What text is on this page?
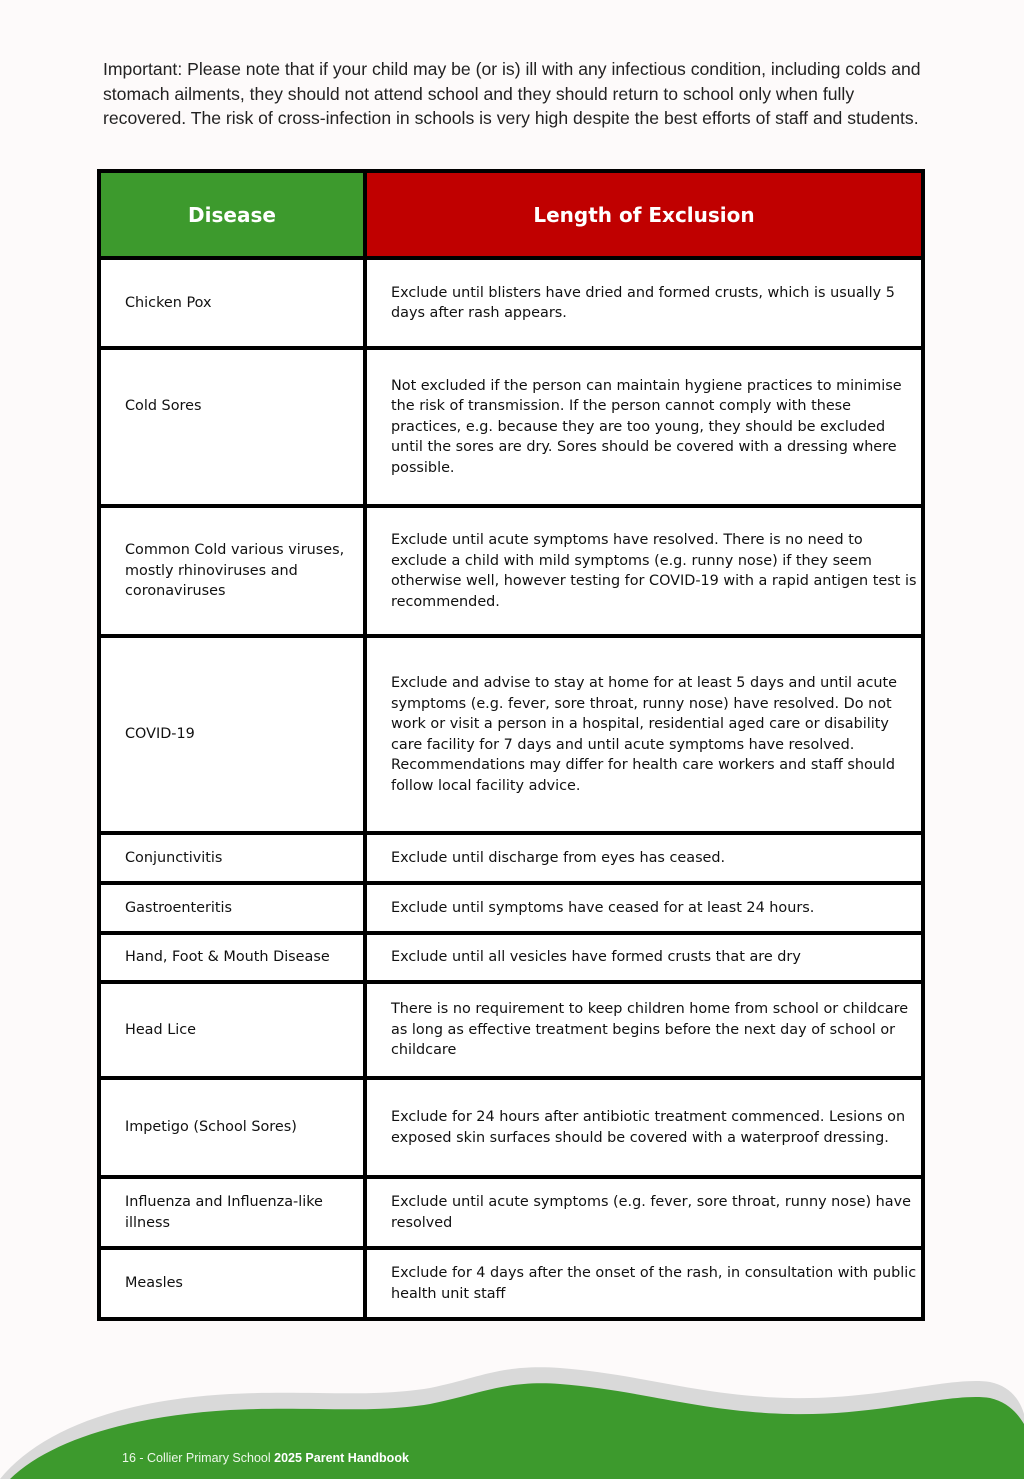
Important: Please note that if your child may be (or is) ill with any infectious condition, including colds and stomach ailments, they should not attend school and they should return to school only when fully recovered. The risk of cross-infection in schools is very high despite the best efforts of staff and students.

Disease	Length of Exclusion
Chicken Pox	Exclude until blisters have dried and formed crusts, which is usually 5 days after rash appears.
Cold Sores	Not excluded if the person can maintain hygiene practices to minimise the risk of transmission. If the person cannot comply with these practices, e.g. because they are too young, they should be excluded until the sores are dry. Sores should be covered with a dressing where possible.
Common Cold various viruses, mostly rhinoviruses and coronaviruses	Exclude until acute symptoms have resolved. There is no need to exclude a child with mild symptoms (e.g. runny nose) if they seem otherwise well, however testing for COVID-19 with a rapid antigen test is recommended.
COVID-19	Exclude and advise to stay at home for at least 5 days and until acute symptoms (e.g. fever, sore throat, runny nose) have resolved. Do not work or visit a person in a hospital, residential aged care or disability care facility for 7 days and until acute symptoms have resolved. Recommendations may differ for health care workers and staff should follow local facility advice.
Conjunctivitis	Exclude until discharge from eyes has ceased.
Gastroenteritis	Exclude until symptoms have ceased for at least 24 hours.
Hand, Foot & Mouth Disease	Exclude until all vesicles have formed crusts that are dry
Head Lice	There is no requirement to keep children home from school or childcare as long as effective treatment begins before the next day of school or childcare
Impetigo (School Sores)	Exclude for 24 hours after antibiotic treatment commenced. Lesions on exposed skin surfaces should be covered with a waterproof dressing.
Influenza and Influenza-like illness	Exclude until acute symptoms (e.g. fever, sore throat, runny nose) have resolved
Measles	Exclude for 4 days after the onset of the rash, in consultation with public health unit staff
16 - Collier Primary School 2025 Parent Handbook
